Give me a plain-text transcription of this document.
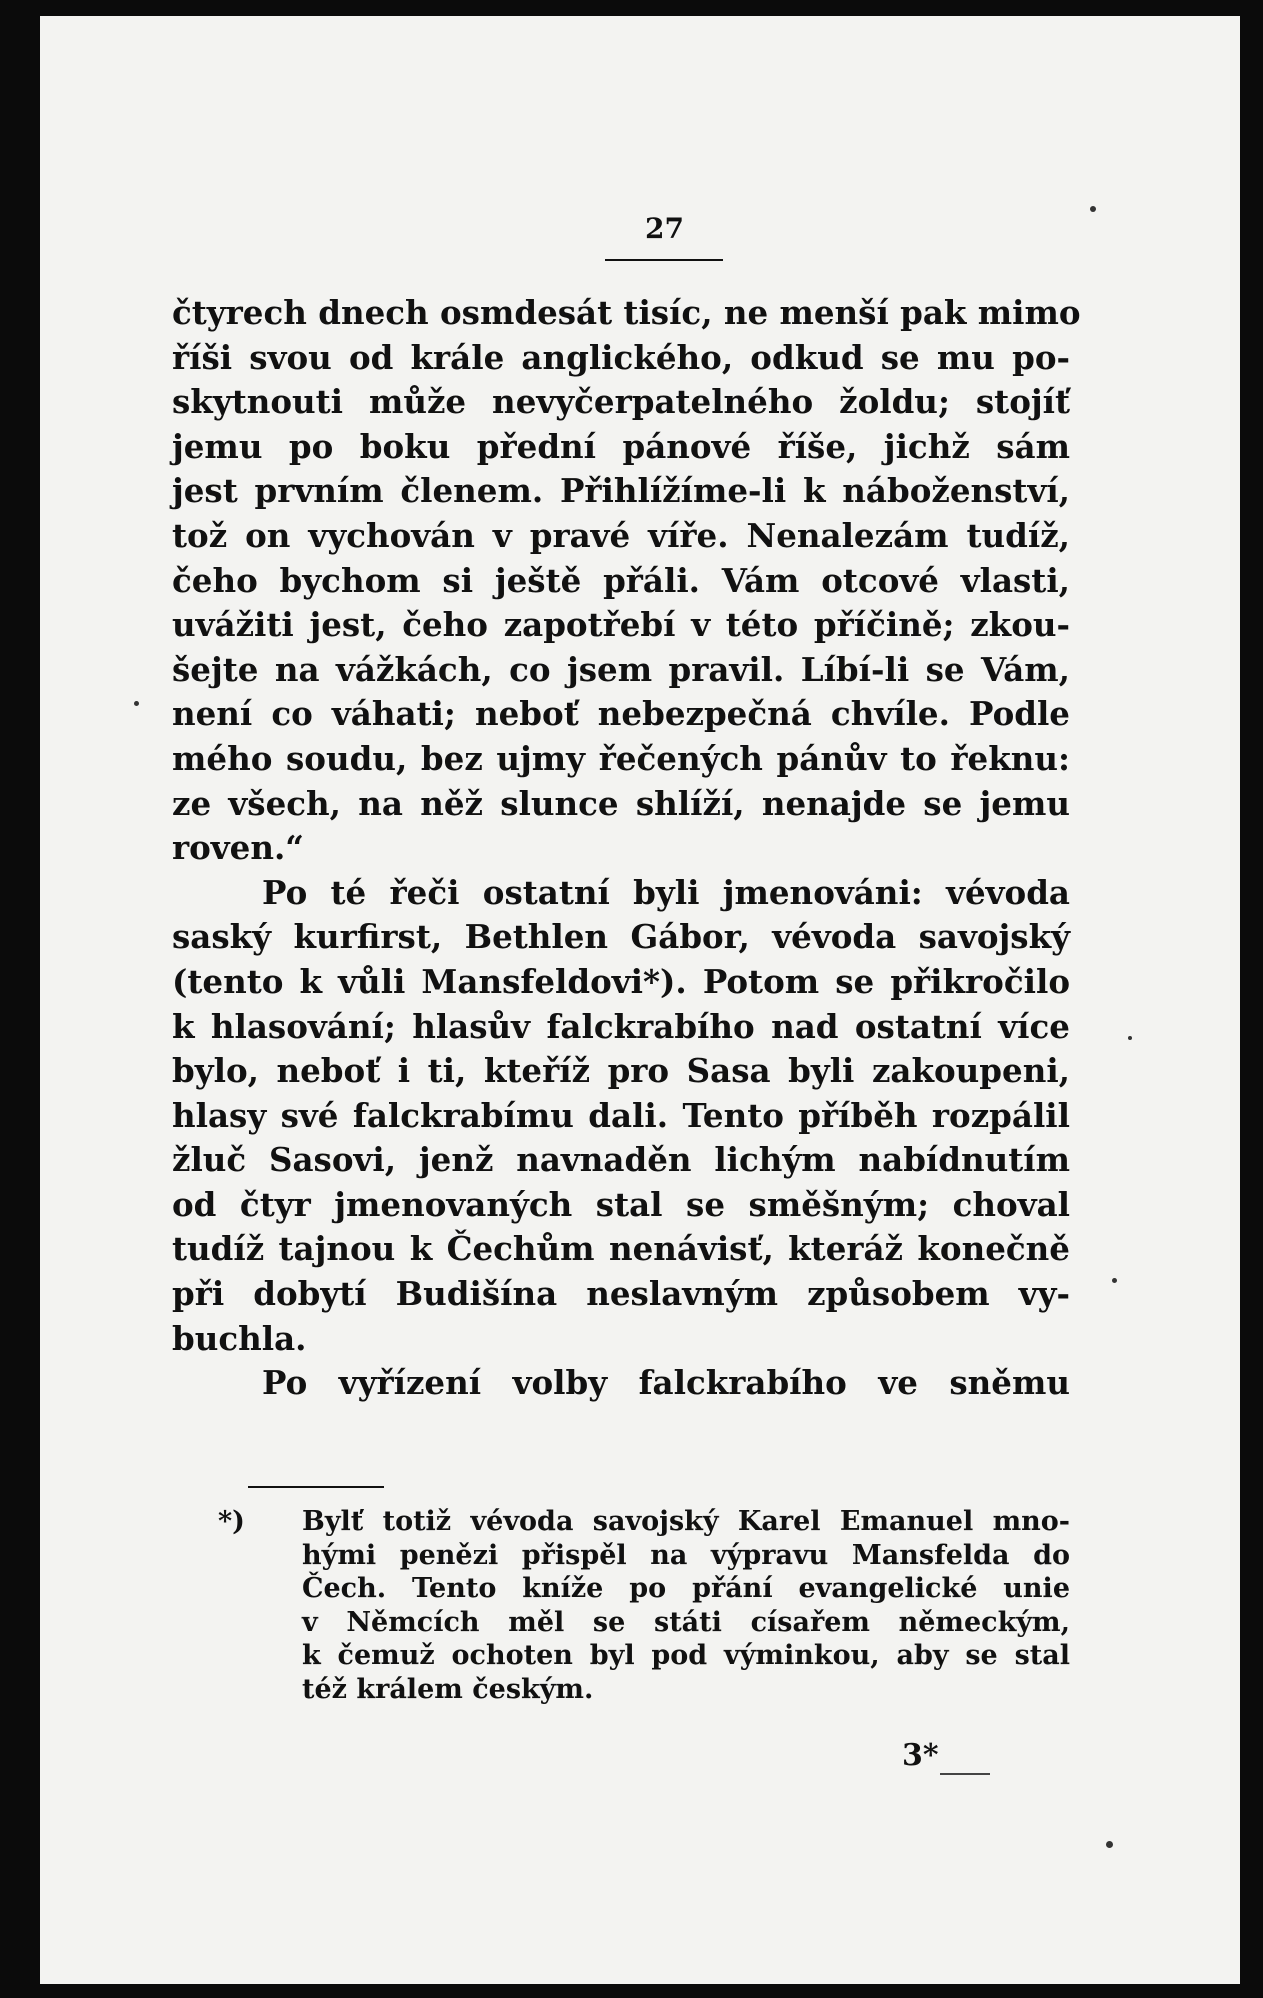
27
čtyrech dnech osmdesát tisíc, ne menší pak mimo
říši svou od krále anglického, odkud se mu po-
skytnouti může nevyčerpatelného žoldu; stojíť
jemu po boku přední pánové říše, jichž sám
jest prvním členem. Přihlížíme-li k náboženství,
tož on vychován v pravé víře. Nenalezám tudíž,
čeho bychom si ještě přáli. Vám otcové vlasti,
uvážiti jest, čeho zapotřebí v této příčině; zkou-
šejte na vážkách, co jsem pravil. Líbí-li se Vám,
není co váhati; neboť nebezpečná chvíle. Podle
mého soudu, bez ujmy řečených pánův to řeknu:
ze všech, na něž slunce shlíží, nenajde se jemu
roven.“
Po té řeči ostatní byli jmenováni: vévoda
saský kurfirst, Bethlen Gábor, vévoda savojský
(tento k vůli Mansfeldovi*). Potom se přikročilo
k hlasování; hlasův falckrabího nad ostatní více
bylo, neboť i ti, kteříž pro Sasa byli zakoupeni,
hlasy své falckrabímu dali. Tento příběh rozpálil
žluč Sasovi, jenž navnaděn lichým nabídnutím
od čtyr jmenovaných stal se směšným; choval
tudíž tajnou k Čechům nenávisť, kteráž konečně
při dobytí Budišína neslavným způsobem vy-
buchla.
Po vyřízení volby falckrabího ve sněmu
*) Bylť totiž vévoda savojský Karel Emanuel mno-
hými penězi přispěl na výpravu Mansfelda do
Čech. Tento kníže po přání evangelické unie
v Němcích měl se státi císařem německým,
k čemuž ochoten byl pod výminkou, aby se stal
též králem českým.
3*
